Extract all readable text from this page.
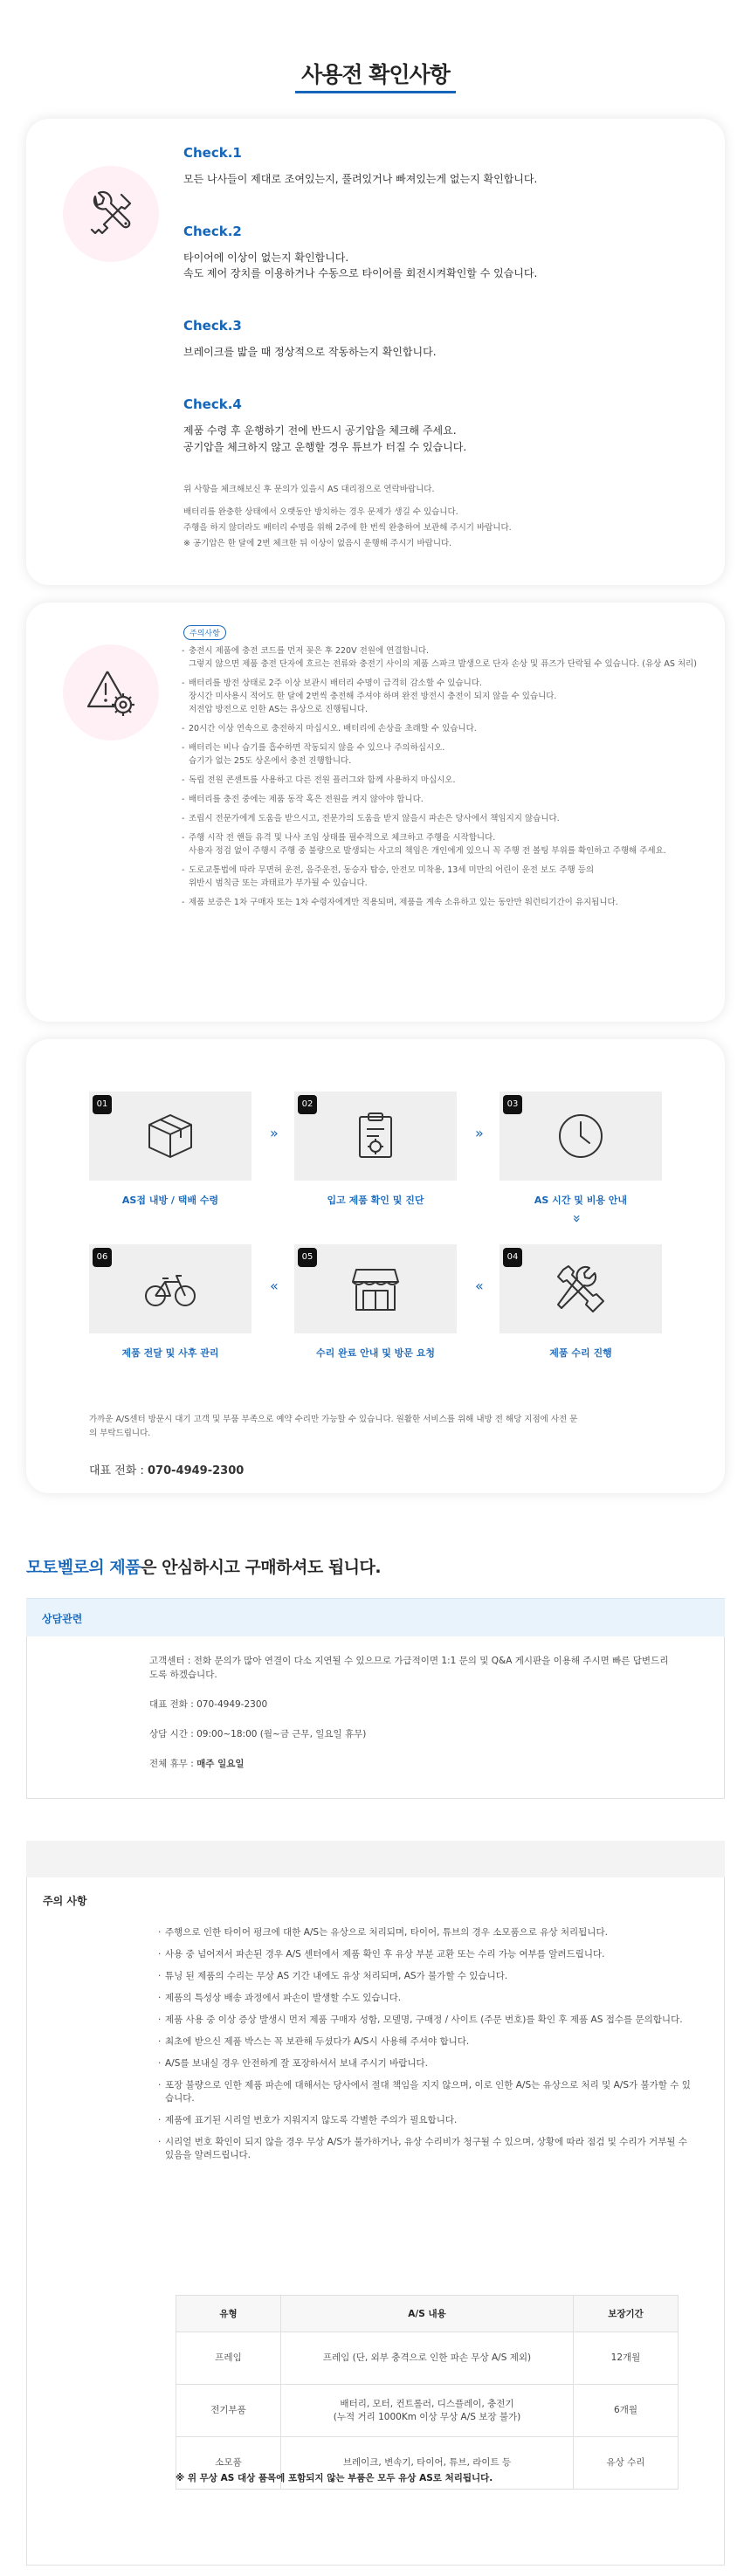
사용전 확인사항
Check.1

모든 나사들이 제대로 조여있는지, 풀려있거나 빠져있는게 없는지 확인합니다.

Check.2

타이어에 이상이 없는지 확인합니다.

속도 제어 장치를 이용하거나 수동으로 타이어를 회전시켜확인할 수 있습니다.

Check.3

브레이크를 밟을 때 정상적으로 작동하는지 확인합니다.

Check.4

제품 수령 후 운행하기 전에 반드시 공기압을 체크해 주세요.

공기압을 체크하지 않고 운행할 경우 튜브가 터질 수 있습니다.

위 사항을 체크해보신 후 문의가 있을시 AS 대리점으로 연락바랍니다.
배터리를 완충한 상태에서 오랫동안 방치하는 경우 문제가 생길 수 있습니다.
주행을 하지 않더라도 배터리 수명을 위해 2주에 한 번씩 완충하여 보관해 주시기 바랍니다.
※ 공기압은 한 달에 2번 체크한 뒤 이상이 없음시 운행해 주시기 바랍니다.
주의사항
- 충전시 제품에 충전 코드를 먼저 꽂은 후 220V 전원에 연결합니다.
그렇지 않으면 제품 충전 단자에 흐르는 전류와 충전기 사이의 제품 스파크 발생으로 단자 손상 및 퓨즈가 단락될 수 있습니다. (유상 AS 처리)
- 배터리를 방전 상태로 2주 이상 보관시 배터리 수명이 급격히 감소할 수 있습니다.
장시간 미사용시 적어도 한 달에 2번씩 충전해 주셔야 하며 완전 방전시 충전이 되지 않을 수 있습니다.
저전압 방전으로 인한 AS는 유상으로 진행됩니다.
- 20시간 이상 연속으로 충전하지 마십시오. 배터리에 손상을 초래할 수 있습니다.
- 배터리는 비나 습기를 흡수하면 작동되지 않을 수 있으나 주의하십시오.
습기가 없는 25도 상온에서 충전 진행합니다.
- 독립 전원 콘센트를 사용하고 다른 전원 플러그와 함께 사용하지 마십시오.
- 배터리를 충전 중에는 제품 동작 혹은 전원을 켜지 않아야 합니다.
- 조립시 전문가에게 도움을 받으시고, 전문가의 도움을 받지 않을시 파손은 당사에서 책임지지 않습니다.
- 주행 시작 전 핸들 유격 및 나사 조임 상태를 필수적으로 체크하고 주행을 시작합니다.
사용자 정검 없이 주행시 주행 중 불량으로 발생되는 사고의 책임은 개인에게 있으니 꼭 주행 전 볼팅 부위를 확인하고 주행해 주세요.
- 도로교통법에 따라 무면허 운전, 음주운전, 동승자 탑승, 안전모 미착용, 13세 미만의 어린이 운전 보도 주행 등의
위반시 범칙금 또는 과태료가 부가될 수 있습니다.
- 제품 보증은 1차 구매자 또는 1차 수령자에게만 적용되며, 제품을 계속 소유하고 있는 동안만 워런티기간이 유지됩니다.
01
AS접 내방 / 택배 수령
»
02
입고 제품 확인 및 진단
»
03
AS 시간 및 비용 안내
»
06
제품 전달 및 사후 관리
«
05
수리 완료 안내 및 방문 요청
«
04
제품 수리 진행
가까운 A/S센터 방문시 대기 고객 및 부품 부족으로 예약 수리만 가능할 수 있습니다. 원활한 서비스를 위해 내방 전 해당 지점에 사전 문의 부탁드립니다.
대표 전화 : 070-4949-2300
모토벨로의 제품은 안심하시고 구매하셔도 됩니다.
상담관련
고객센터 : 전화 문의가 많아 연결이 다소 지연될 수 있으므로 가급적이면 1:1 문의 및 Q&A 게시판을 이용해 주시면 빠른 답변드리도록 하겠습니다.
대표 전화 : 070-4949-2300
상담 시간 : 09:00~18:00 (월~금 근무, 일요일 휴무)
전체 휴무 : 매주 일요일
주의 사항
· 주행으로 인한 타이어 펑크에 대한 A/S는 유상으로 처리되며, 타이어, 튜브의 경우 소모품으로 유상 처리됩니다.
· 사용 중 넘어져서 파손된 경우 A/S 센터에서 제품 확인 후 유상 부분 교환 또는 수리 가능 여부를 알려드립니다.
· 튜닝 된 제품의 수리는 무상 AS 기간 내에도 유상 처리되며, AS가 불가할 수 있습니다.
· 제품의 특성상 배송 과정에서 파손이 발생할 수도 있습니다.
· 제품 사용 중 이상 증상 발생시 먼저 제품 구매자 성함, 모델명, 구매정 / 사이트 (주문 번호)를 확인 후 제품 AS 접수를 문의합니다.
· 최초에 받으신 제품 박스는 꼭 보관해 두셨다가 A/S시 사용해 주셔야 합니다.
· A/S를 보내실 경우 안전하게 잘 포장하셔서 보내 주시기 바랍니다.
· 포장 불량으로 인한 제품 파손에 대해서는 당사에서 절대 책임을 지지 않으며, 이로 인한 A/S는 유상으로 처리 및 A/S가 불가할 수 있습니다.
· 제품에 표기된 시리얼 번호가 지워지지 않도록 각별한 주의가 필요합니다.
· 시리얼 번호 확인이 되지 않을 경우 무상 A/S가 불가하거나, 유상 수리비가 청구될 수 있으며, 상황에 따라 점검 및 수리가 거부될 수 있음을 알려드립니다.
유형	A/S 내용	보장기간
프레임	프레임 (단, 외부 충격으로 인한 파손 무상 A/S 제외)	12개월
전기부품	배터리, 모터, 컨트롤러, 디스플레이, 충전기
(누적 거리 1000Km 이상 무상 A/S 보장 불가)	6개월
소모품	브레이크, 변속기, 타이어, 튜브, 라이트 등	유상 수리
※ 위 무상 AS 대상 품목에 포함되지 않는 부품은 모두 유상 AS로 처리됩니다.
